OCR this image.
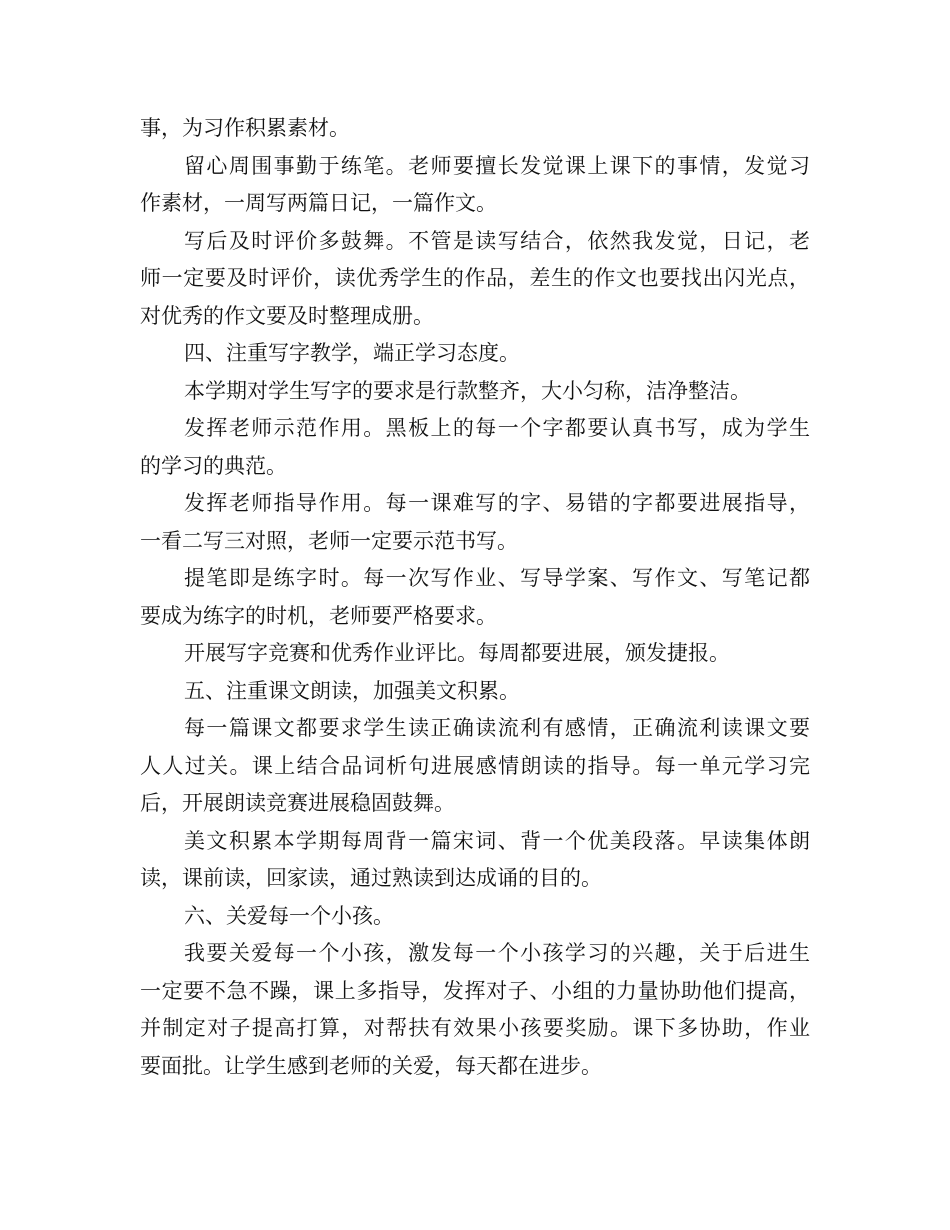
事，为习作积累素材。
留心周围事勤于练笔。老师要擅长发觉课上课下的事情，发觉习
作素材，一周写两篇日记，一篇作文。
写后及时评价多鼓舞。不管是读写结合，依然我发觉，日记，老
师一定要及时评价，读优秀学生的作品，差生的作文也要找出闪光点，
对优秀的作文要及时整理成册。
四、注重写字教学，端正学习态度。
本学期对学生写字的要求是行款整齐，大小匀称，洁净整洁。
发挥老师示范作用。黑板上的每一个字都要认真书写，成为学生
的学习的典范。
发挥老师指导作用。每一课难写的字、易错的字都要进展指导，
一看二写三对照，老师一定要示范书写。
提笔即是练字时。每一次写作业、写导学案、写作文、写笔记都
要成为练字的时机，老师要严格要求。
开展写字竞赛和优秀作业评比。每周都要进展，颁发捷报。
五、注重课文朗读，加强美文积累。
每一篇课文都要求学生读正确读流利有感情，正确流利读课文要
人人过关。课上结合品词析句进展感情朗读的指导。每一单元学习完
后，开展朗读竞赛进展稳固鼓舞。
美文积累本学期每周背一篇宋词、背一个优美段落。早读集体朗
读，课前读，回家读，通过熟读到达成诵的目的。
六、关爱每一个小孩。
我要关爱每一个小孩，激发每一个小孩学习的兴趣，关于后进生
一定要不急不躁，课上多指导，发挥对子、小组的力量协助他们提高，
并制定对子提高打算，对帮扶有效果小孩要奖励。课下多协助，作业
要面批。让学生感到老师的关爱，每天都在进步。
